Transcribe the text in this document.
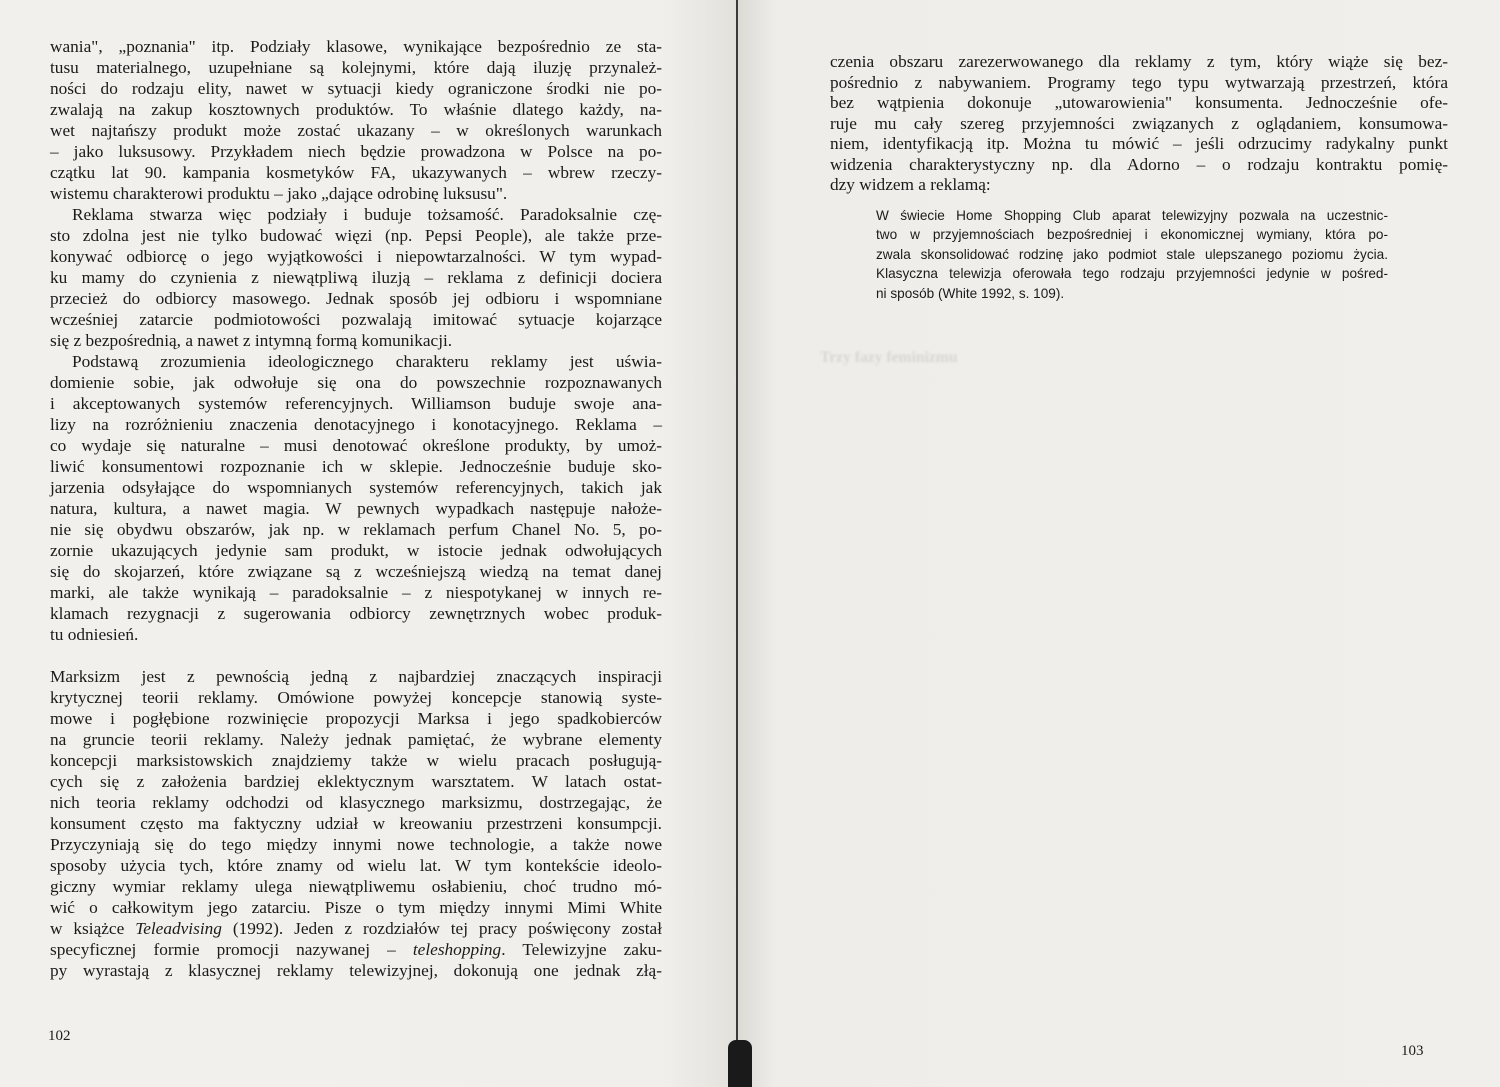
wania", „poznania" itp. Podziały klasowe, wynikające bezpośrednio ze sta-
tusu materialnego, uzupełniane są kolejnymi, które dają iluzję przynależ-
ności do rodzaju elity, nawet w sytuacji kiedy ograniczone środki nie po-
zwalają na zakup kosztownych produktów. To właśnie dlatego każdy, na-
wet najtańszy produkt może zostać ukazany – w określonych warunkach
– jako luksusowy. Przykładem niech będzie prowadzona w Polsce na po-
czątku lat 90. kampania kosmetyków FA, ukazywanych – wbrew rzeczy-
wistemu charakterowi produktu – jako „dające odrobinę luksusu".
Reklama stwarza więc podziały i buduje tożsamość. Paradoksalnie czę-
sto zdolna jest nie tylko budować więzi (np. Pepsi People), ale także prze-
konywać odbiorcę o jego wyjątkowości i niepowtarzalności. W tym wypad-
ku mamy do czynienia z niewątpliwą iluzją – reklama z definicji dociera
przecież do odbiorcy masowego. Jednak sposób jej odbioru i wspomniane
wcześniej zatarcie podmiotowości pozwalają imitować sytuacje kojarzące
się z bezpośrednią, a nawet z intymną formą komunikacji.
Podstawą zrozumienia ideologicznego charakteru reklamy jest uświa-
domienie sobie, jak odwołuje się ona do powszechnie rozpoznawanych
i akceptowanych systemów referencyjnych. Williamson buduje swoje ana-
lizy na rozróżnieniu znaczenia denotacyjnego i konotacyjnego. Reklama –
co wydaje się naturalne – musi denotować określone produkty, by umoż-
liwić konsumentowi rozpoznanie ich w sklepie. Jednocześnie buduje sko-
jarzenia odsyłające do wspomnianych systemów referencyjnych, takich jak
natura, kultura, a nawet magia. W pewnych wypadkach następuje nałoże-
nie się obydwu obszarów, jak np. w reklamach perfum Chanel No. 5, po-
zornie ukazujących jedynie sam produkt, w istocie jednak odwołujących
się do skojarzeń, które związane są z wcześniejszą wiedzą na temat danej
marki, ale także wynikają – paradoksalnie – z niespotykanej w innych re-
klamach rezygnacji z sugerowania odbiorcy zewnętrznych wobec produk-
tu odniesień.
Marksizm jest z pewnością jedną z najbardziej znaczących inspiracji
krytycznej teorii reklamy. Omówione powyżej koncepcje stanowią syste-
mowe i pogłębione rozwinięcie propozycji Marksa i jego spadkobierców
na gruncie teorii reklamy. Należy jednak pamiętać, że wybrane elementy
koncepcji marksistowskich znajdziemy także w wielu pracach posługują-
cych się z założenia bardziej eklektycznym warsztatem. W latach ostat-
nich teoria reklamy odchodzi od klasycznego marksizmu, dostrzegając, że
konsument często ma faktyczny udział w kreowaniu przestrzeni konsumpcji.
Przyczyniają się do tego między innymi nowe technologie, a także nowe
sposoby użycia tych, które znamy od wielu lat. W tym kontekście ideolo-
giczny wymiar reklamy ulega niewątpliwemu osłabieniu, choć trudno mó-
wić o całkowitym jego zatarciu. Pisze o tym między innymi Mimi White
w książce Teleadvising (1992). Jeden z rozdziałów tej pracy poświęcony został
specyficznej formie promocji nazywanej – teleshopping. Telewizyjne zaku-
py wyrastają z klasycznej reklamy telewizyjnej, dokonują one jednak złą-
102
czenia obszaru zarezerwowanego dla reklamy z tym, który wiąże się bez-
pośrednio z nabywaniem. Programy tego typu wytwarzają przestrzeń, która
bez wątpienia dokonuje „utowarowienia" konsumenta. Jednocześnie ofe-
ruje mu cały szereg przyjemności związanych z oglądaniem, konsumowa-
niem, identyfikacją itp. Można tu mówić – jeśli odrzucimy radykalny punkt
widzenia charakterystyczny np. dla Adorno – o rodzaju kontraktu pomię-
dzy widzem a reklamą:
W świecie Home Shopping Club aparat telewizyjny pozwala na uczestnic-
two w przyjemnościach bezpośredniej i ekonomicznej wymiany, która po-
zwala skonsolidować rodzinę jako podmiot stale ulepszanego poziomu życia.
Klasyczna telewizja oferowała tego rodzaju przyjemności jedynie w pośred-
ni sposób (White 1992, s. 109).
Trzy fazy feminizmu
103
